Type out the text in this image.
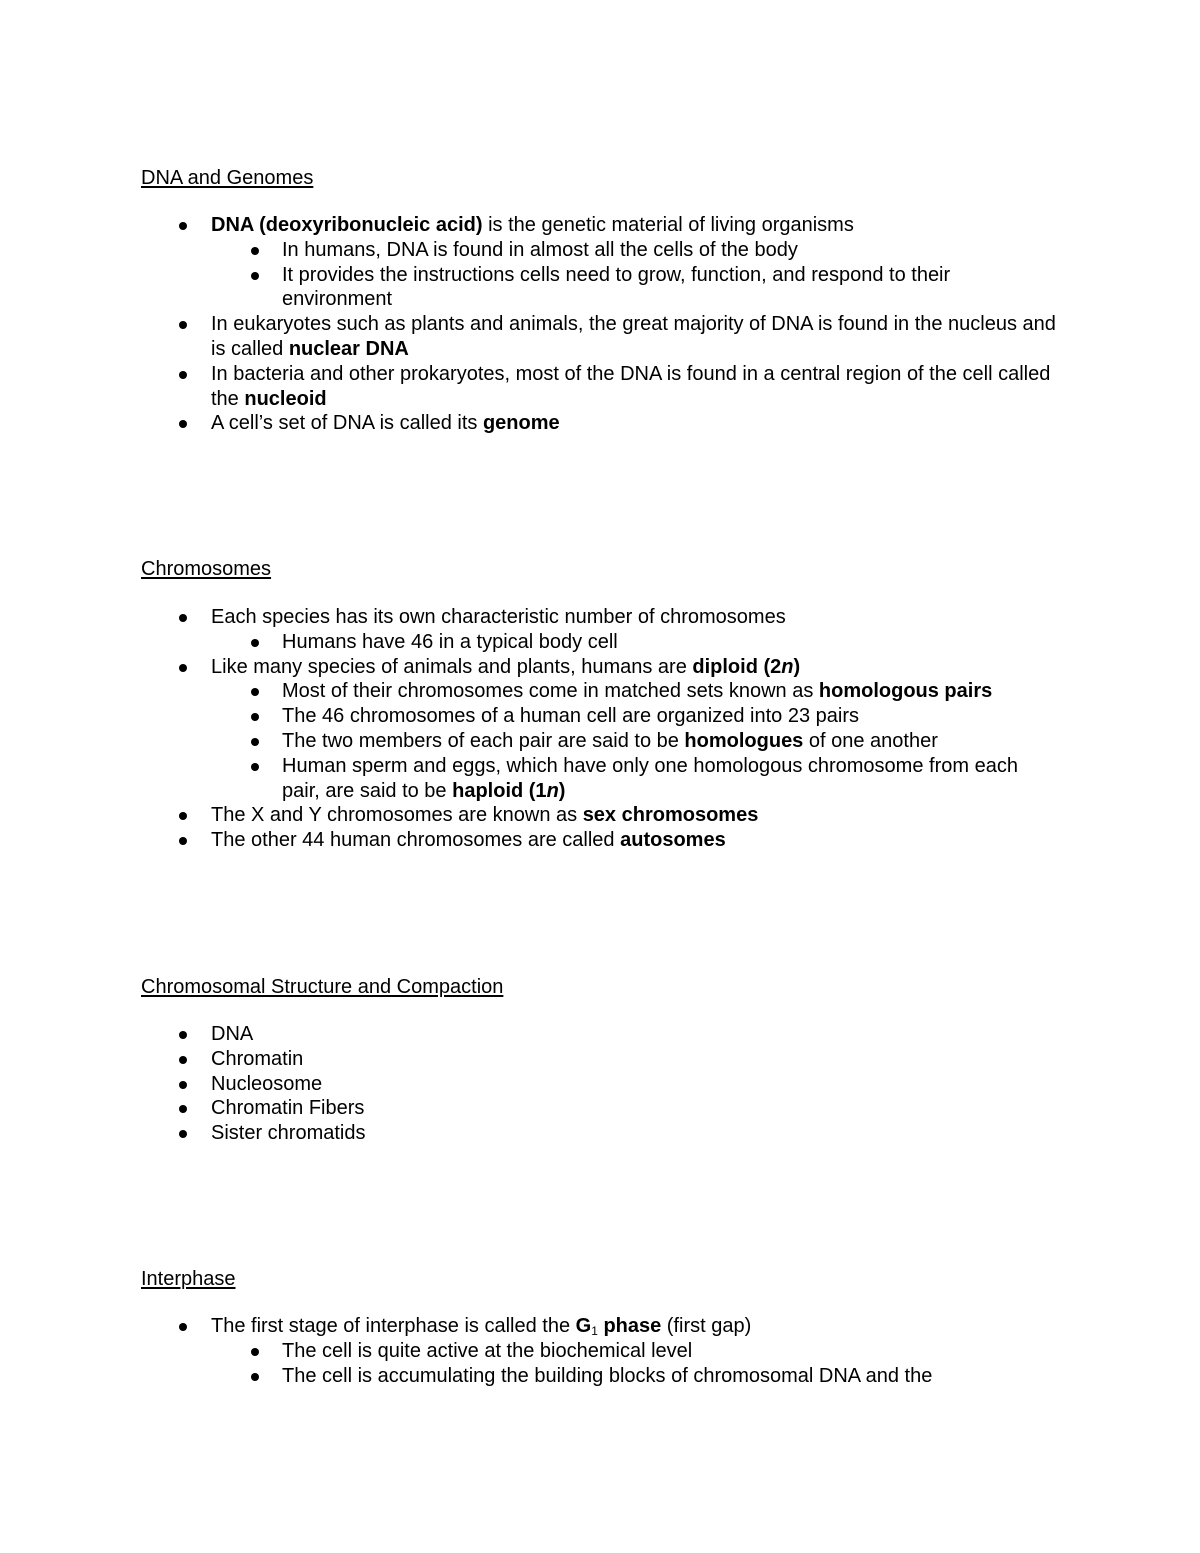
DNA and Genomes
DNA (deoxyribonucleic acid) is the genetic material of living organisms
In humans, DNA is found in almost all the cells of the body
It provides the instructions cells need to grow, function, and respond to their environment
In eukaryotes such as plants and animals, the great majority of DNA is found in the nucleus and is called nuclear DNA
In bacteria and other prokaryotes, most of the DNA is found in a central region of the cell called the nucleoid
A cell’s set of DNA is called its genome
Chromosomes
Each species has its own characteristic number of chromosomes
Humans have 46 in a typical body cell
Like many species of animals and plants, humans are diploid (2n)
Most of their chromosomes come in matched sets known as homologous pairs
The 46 chromosomes of a human cell are organized into 23 pairs
The two members of each pair are said to be homologues of one another
Human sperm and eggs, which have only one homologous chromosome from each pair, are said to be haploid (1n)
The X and Y chromosomes are known as sex chromosomes
The other 44 human chromosomes are called autosomes
Chromosomal Structure and Compaction
DNA
Chromatin
Nucleosome
Chromatin Fibers
Sister chromatids
Interphase
The first stage of interphase is called the $G_1$ phase (first gap)
The cell is quite active at the biochemical level
The cell is accumulating the building blocks of chromosomal DNA and the
